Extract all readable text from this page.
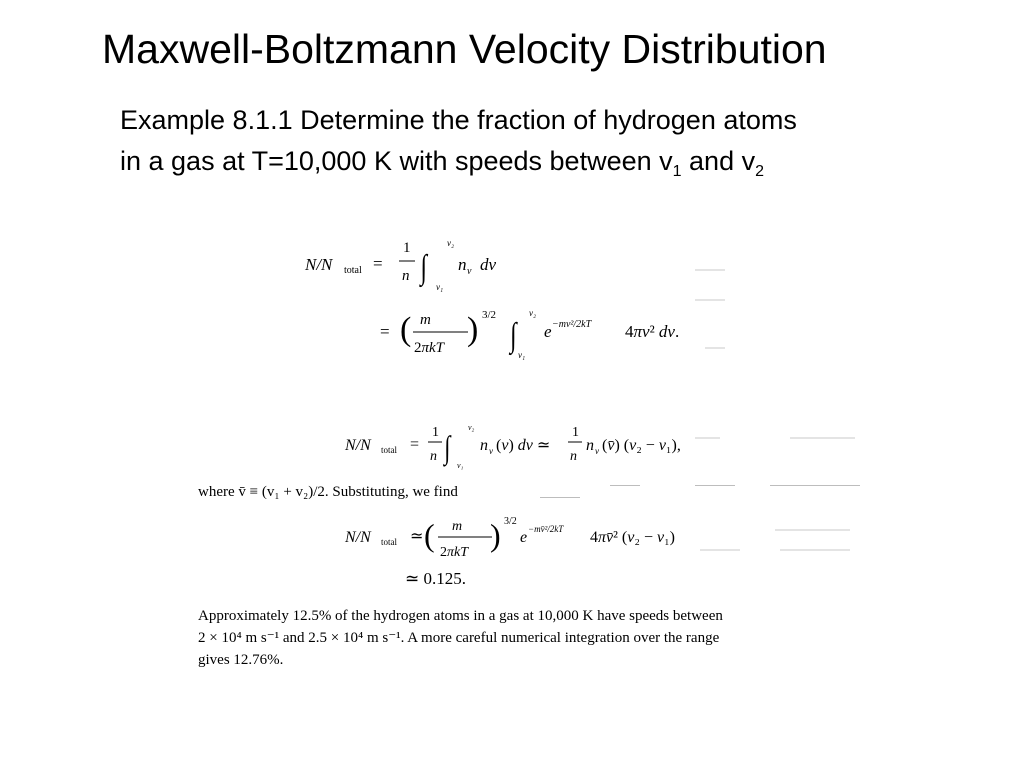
Maxwell-Boltzmann Velocity Distribution
Example 8.1.1 Determine the fraction of hydrogen atoms
in a gas at T=10,000 K with speeds between $v_1$ and $v_2$
N/N total =
1
n ∫
v₂
v₁
n v dv
= ( m
2πkT ) 3/2
∫
v₂
v₁
e −mv²/2kT 4πv² dv.
N/N total =
1
n ∫
v₂
v₁
n v (v) dv ≃
1
n
n v (v̄) (v₂ − v₁),
where v̄ ≡ (v₁ + v₂)/2. Substituting, we find
N/N total ≃ ( m
2πkT ) 3/2
e −mv̄²/2kT 4πv̄² (v₂ − v₁)
≃ 0.125.
Approximately 12.5% of the hydrogen atoms in a gas at 10,000 K have speeds between
2 × 10⁴ m s⁻¹ and 2.5 × 10⁴ m s⁻¹. A more careful numerical integration over the range
gives 12.76%.
